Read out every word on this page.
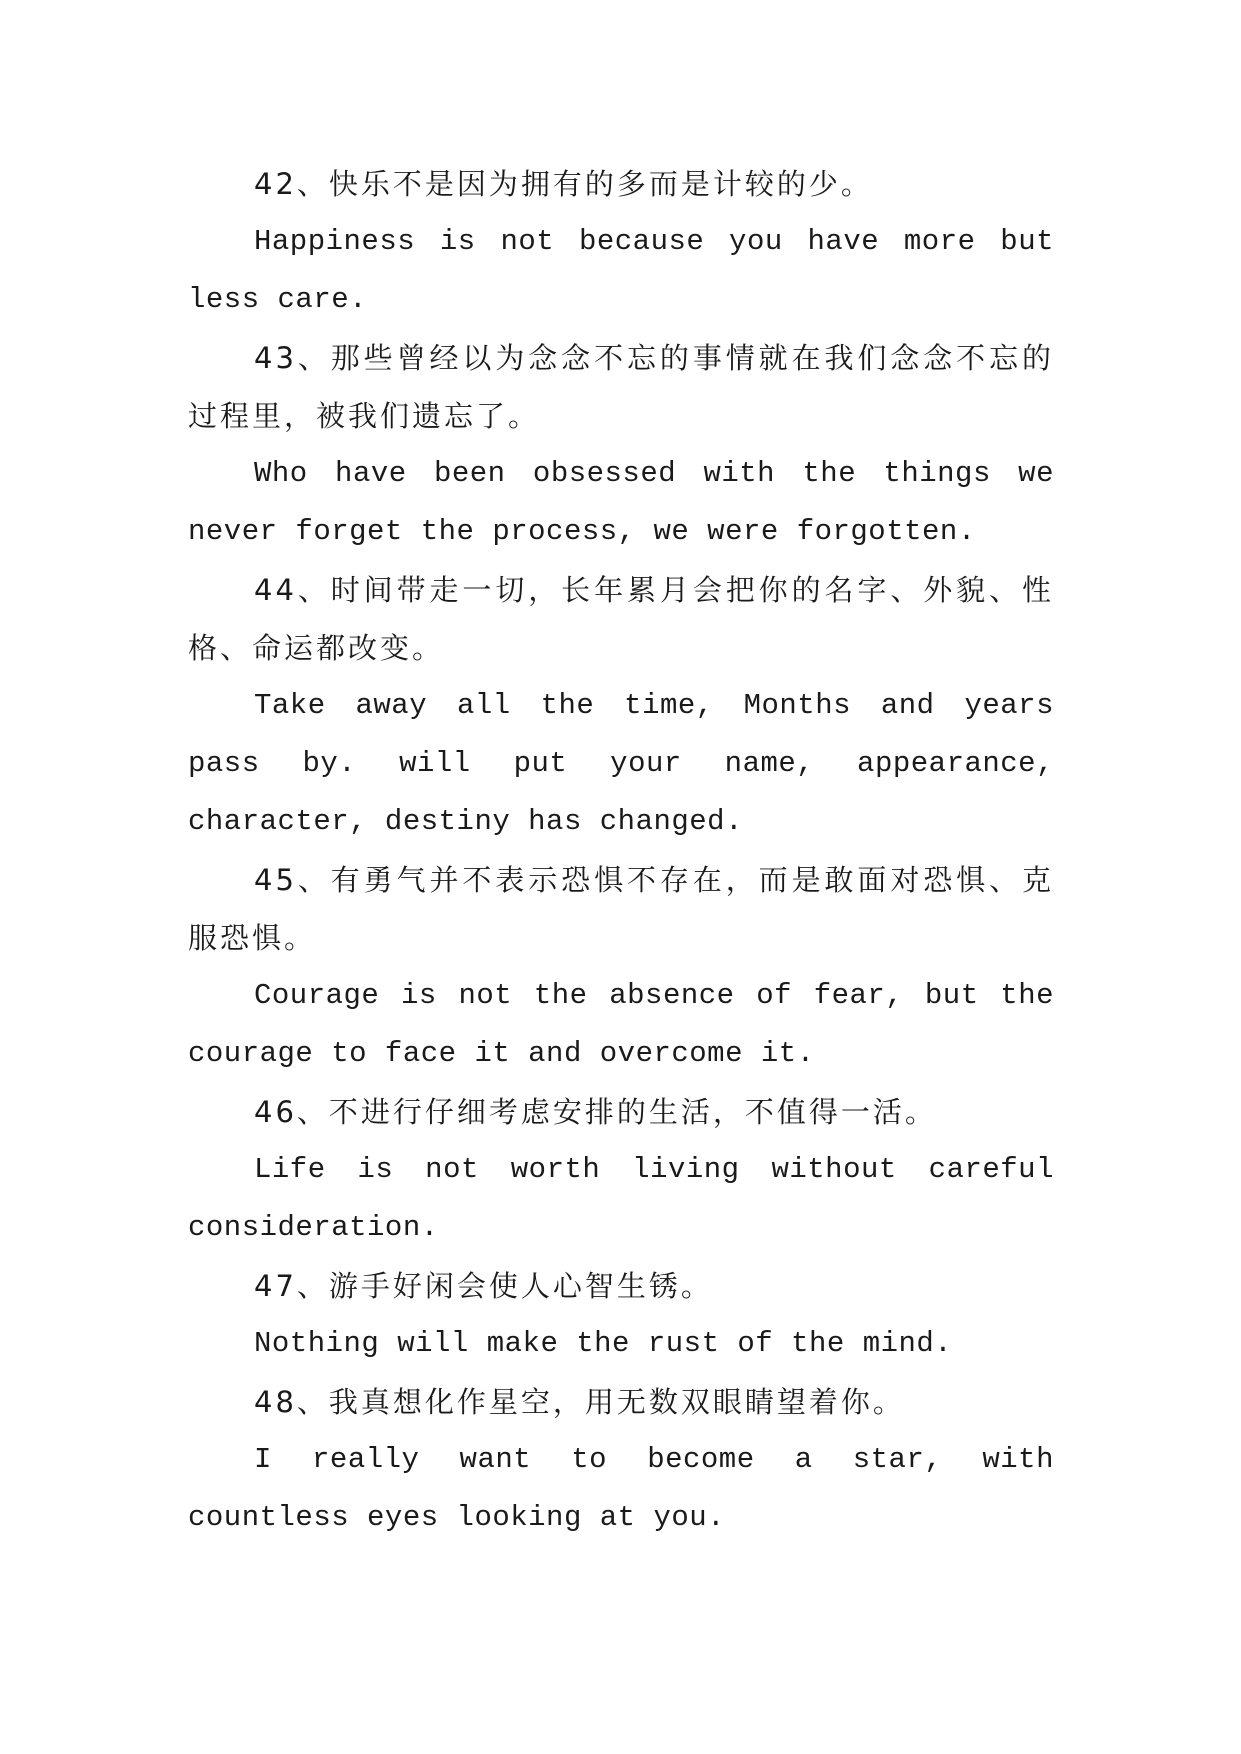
42、快乐不是因为拥有的多而是计较的少。

Happiness is not because you have more but less care.

43、那些曾经以为念念不忘的事情就在我们念念不忘的过程里，被我们遗忘了。

Who have been obsessed with the things we never forget the process, we were forgotten.

44、时间带走一切，长年累月会把你的名字、外貌、性格、命运都改变。

Take away all the time, Months and years pass by. will put your name, appearance, character, destiny has changed.

45、有勇气并不表示恐惧不存在，而是敢面对恐惧、克服恐惧。

Courage is not the absence of fear, but the courage to face it and overcome it.

46、不进行仔细考虑安排的生活，不值得一活。

Life is not worth living without careful consideration.

47、游手好闲会使人心智生锈。

Nothing will make the rust of the mind.

48、我真想化作星空，用无数双眼睛望着你。

I really want to become a star, with countless eyes looking at you.
